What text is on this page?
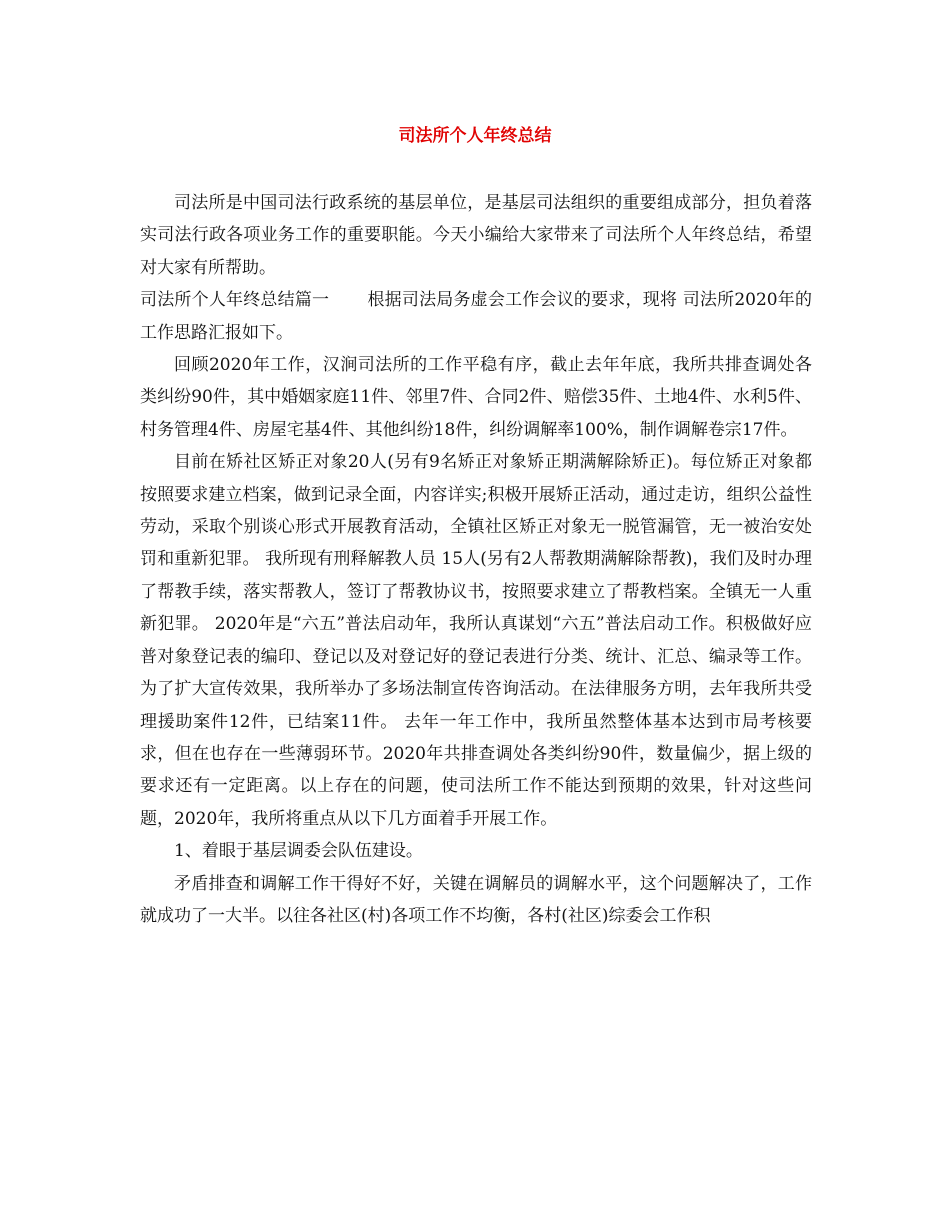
司法所个人年终总结

司法所是中国司法行政系统的基层单位，是基层司法组织的重要组成部分，担负着落实司法行政各项业务工作的重要职能。今天小编给大家带来了司法所个人年终总结，希望对大家有所帮助。

司法所个人年终总结篇一 根据司法局务虚会工作会议的要求，现将 司法所2020年的工作思路汇报如下。

回顾2020年工作，汉涧司法所的工作平稳有序，截止去年年底，我所共排查调处各类纠纷90件，其中婚姻家庭11件、邻里7件、合同2件、赔偿35件、土地4件、水利5件、村务管理4件、房屋宅基4件、其他纠纷18件，纠纷调解率100%，制作调解卷宗17件。

目前在矫社区矫正对象20人(另有9名矫正对象矫正期满解除矫正)。每位矫正对象都按照要求建立档案，做到记录全面，内容详实;积极开展矫正活动，通过走访，组织公益性劳动，采取个别谈心形式开展教育活动，全镇社区矫正对象无一脱管漏管，无一被治安处罚和重新犯罪。 我所现有刑释解教人员 15人(另有2人帮教期满解除帮教)，我们及时办理了帮教手续，落实帮教人，签订了帮教协议书，按照要求建立了帮教档案。全镇无一人重新犯罪。 2020年是“六五”普法启动年，我所认真谋划“六五”普法启动工作。积极做好应普对象登记表的编印、登记以及对登记好的登记表进行分类、统计、汇总、编录等工作。为了扩大宣传效果，我所举办了多场法制宣传咨询活动。在法律服务方明，去年我所共受理援助案件12件，已结案11件。 去年一年工作中，我所虽然整体基本达到市局考核要求，但在也存在一些薄弱环节。2020年共排查调处各类纠纷90件，数量偏少，据上级的要求还有一定距离。以上存在的问题，使司法所工作不能达到预期的效果，针对这些问题，2020年，我所将重点从以下几方面着手开展工作。

1、着眼于基层调委会队伍建设。

矛盾排查和调解工作干得好不好，关键在调解员的调解水平，这个问题解决了，工作就成功了一大半。以往各社区(村)各项工作不均衡，各村(社区)综委会工作积
